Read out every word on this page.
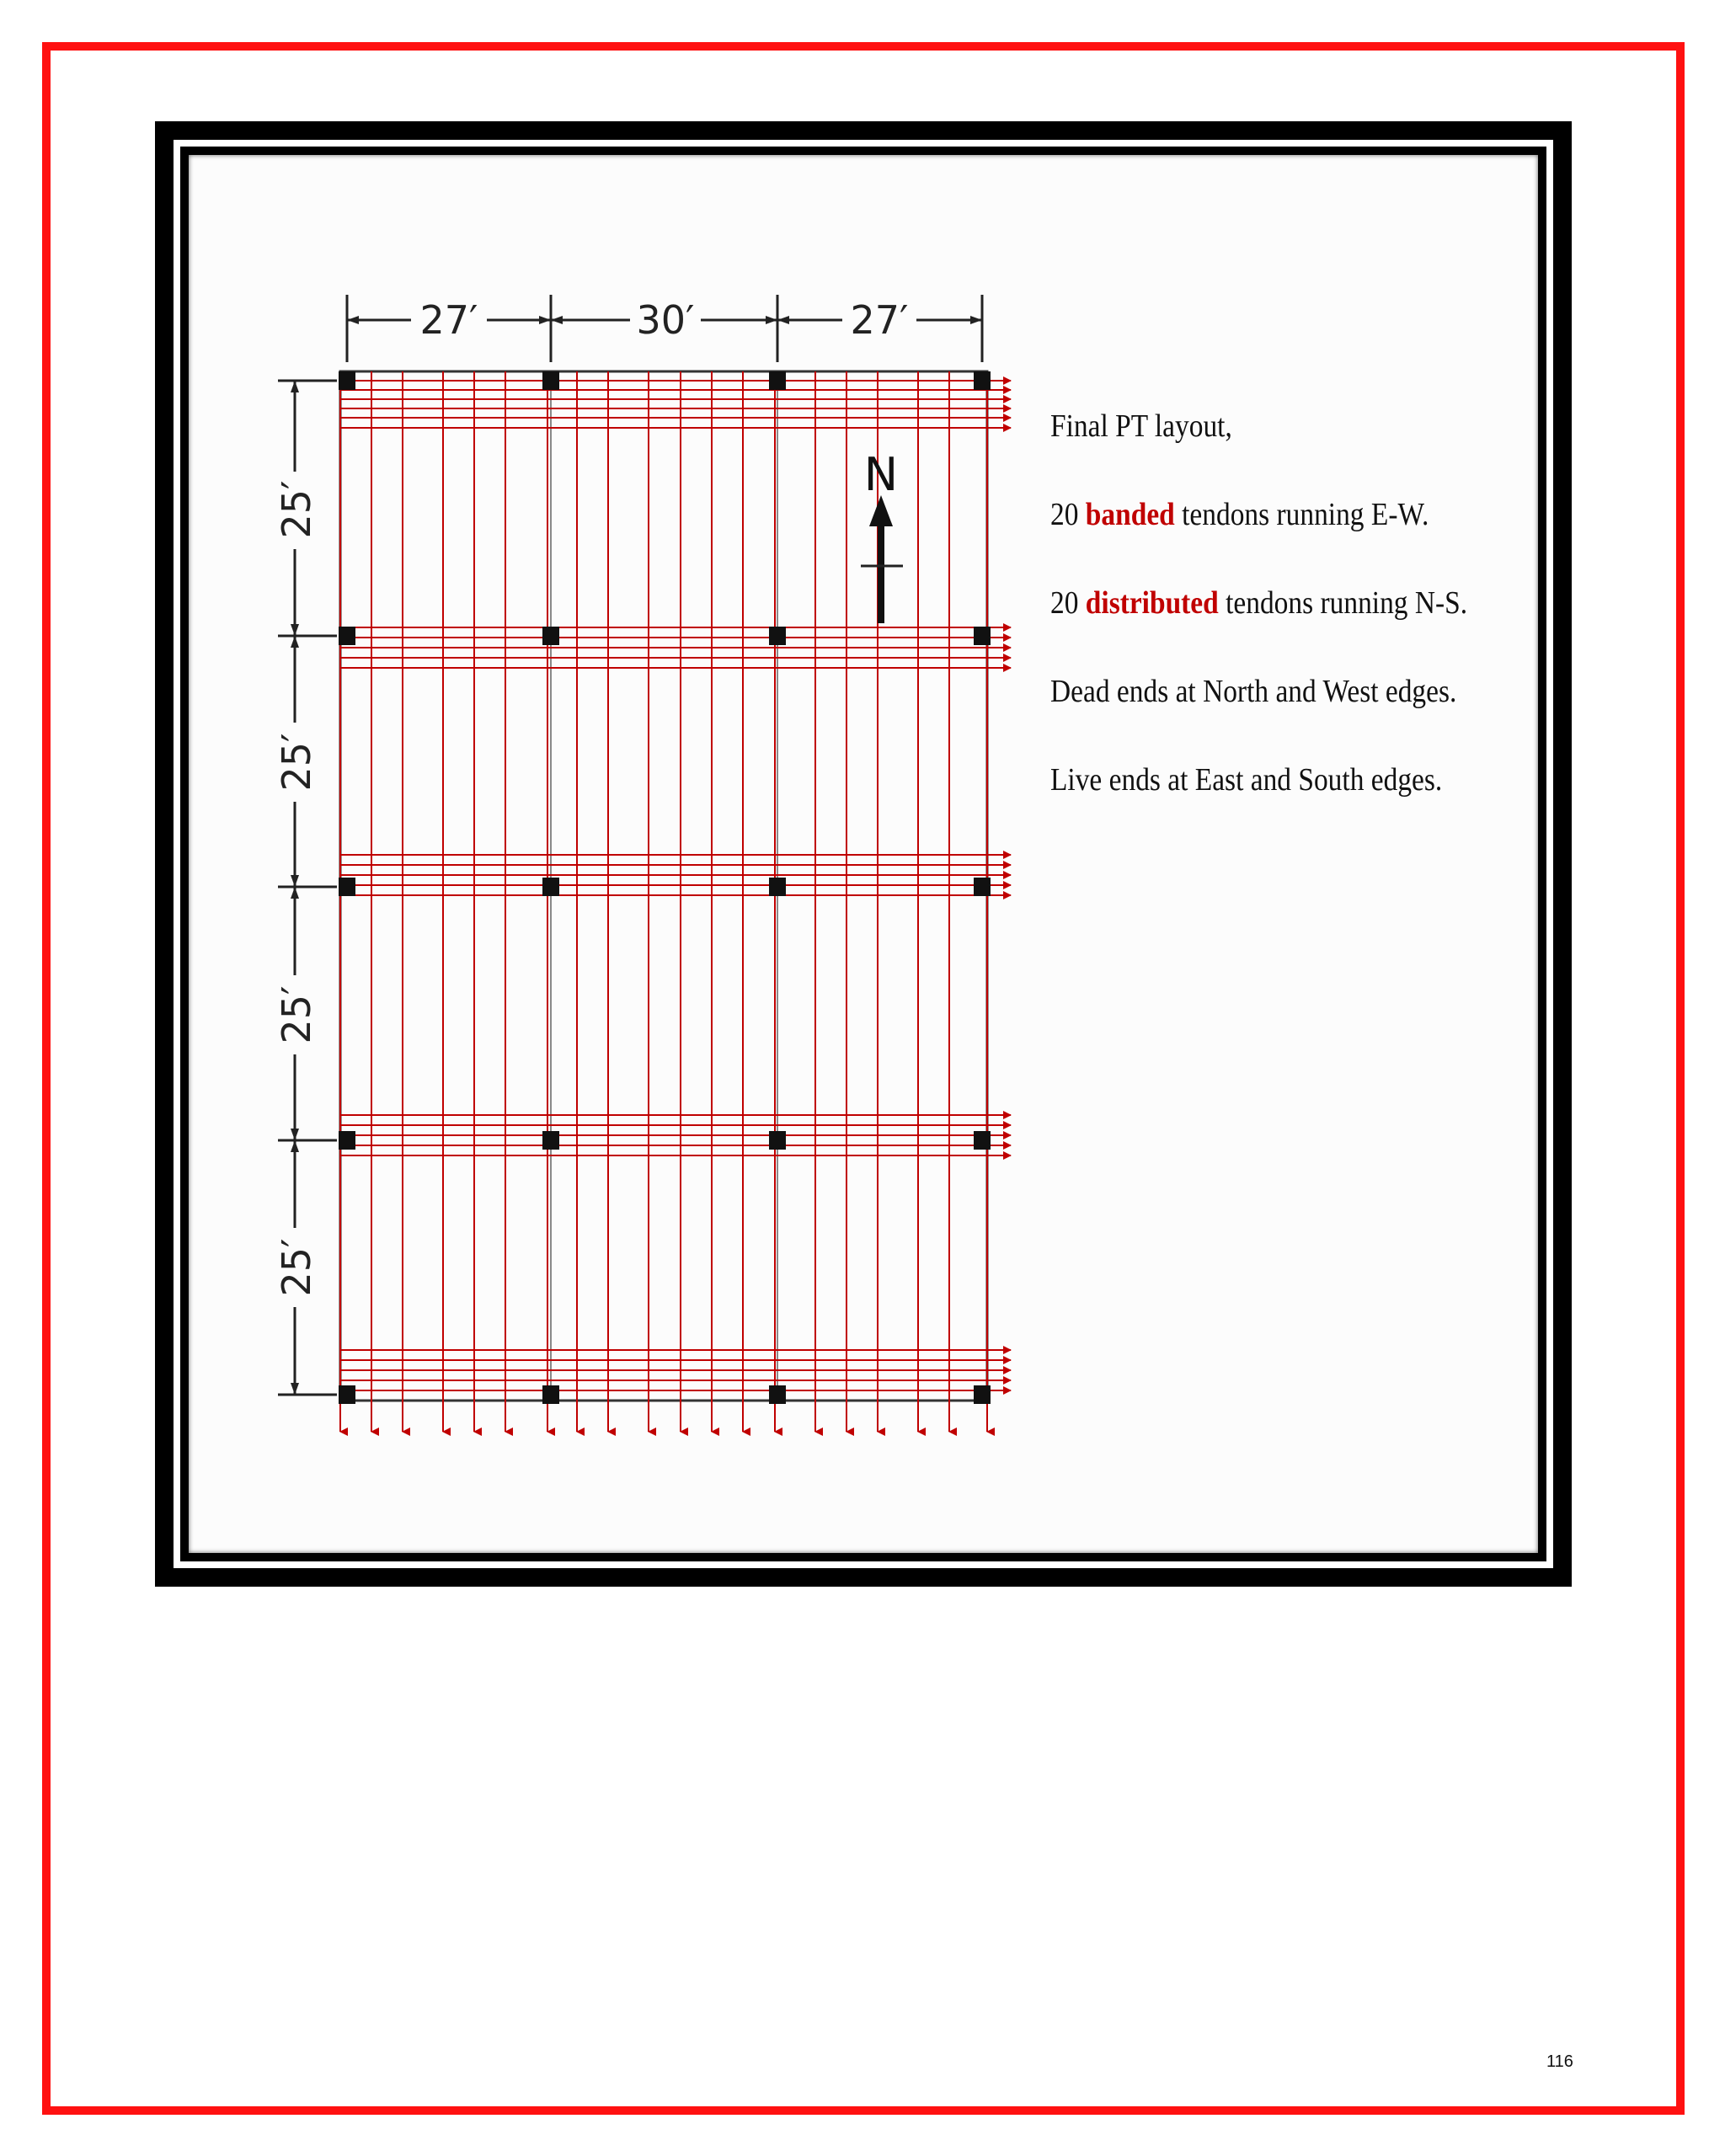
27′	30′	27′
25′
25′
25′
25′
N

Final PT layout,

20 banded tendons running E-W.

20 distributed tendons running N-S.

Dead ends at North and West edges.

Live ends at East and South edges.

116
